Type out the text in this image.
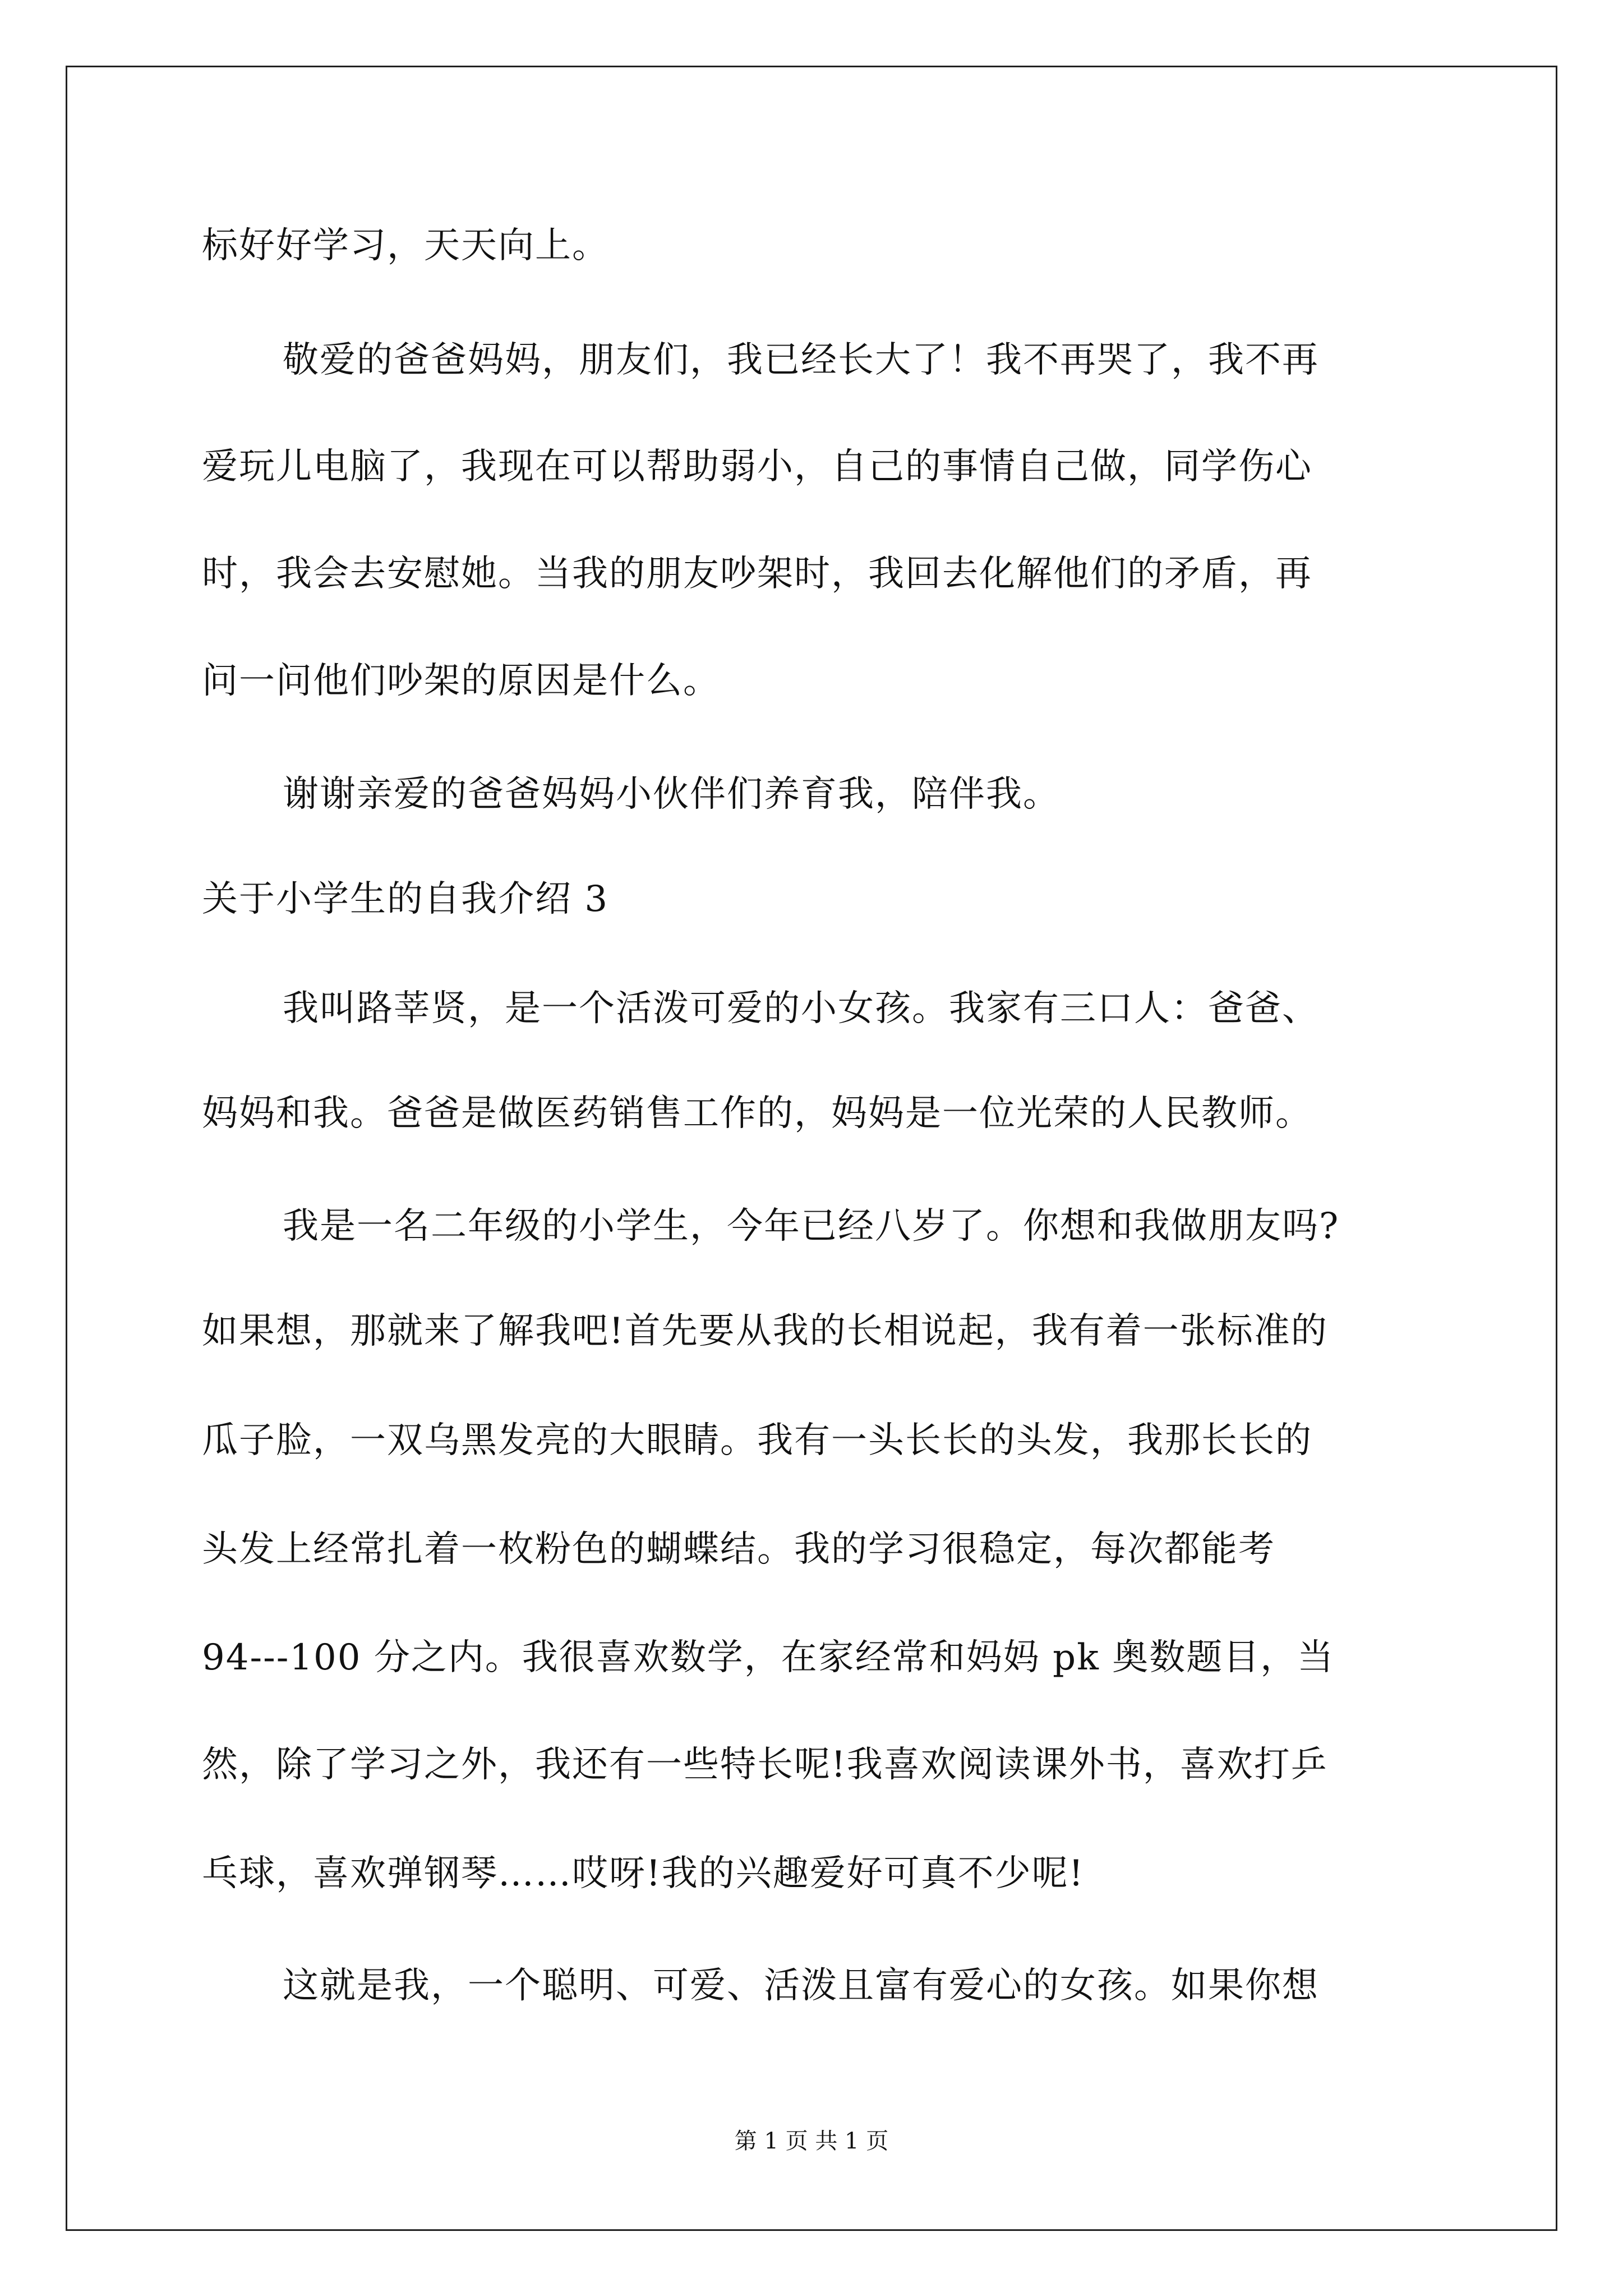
标好好学习，天天向上。
敬爱的爸爸妈妈，朋友们，我已经长大了！我不再哭了，我不再
爱玩儿电脑了，我现在可以帮助弱小，自己的事情自己做，同学伤心
时，我会去安慰她。当我的朋友吵架时，我回去化解他们的矛盾，再
问一问他们吵架的原因是什么。
谢谢亲爱的爸爸妈妈小伙伴们养育我，陪伴我。
关于小学生的自我介绍 3
我叫路莘贤，是一个活泼可爱的小女孩。我家有三口人：爸爸、
妈妈和我。爸爸是做医药销售工作的，妈妈是一位光荣的人民教师。
我是一名二年级的小学生，今年已经八岁了。你想和我做朋友吗?
如果想，那就来了解我吧!首先要从我的长相说起，我有着一张标准的
瓜子脸，一双乌黑发亮的大眼睛。我有一头长长的头发，我那长长的
头发上经常扎着一枚粉色的蝴蝶结。我的学习很稳定，每次都能考
94---100 分之内。我很喜欢数学，在家经常和妈妈 pk 奥数题目，当
然，除了学习之外，我还有一些特长呢!我喜欢阅读课外书，喜欢打乒
乓球，喜欢弹钢琴……哎呀!我的兴趣爱好可真不少呢!
这就是我，一个聪明、可爱、活泼且富有爱心的女孩。如果你想
第 1 页 共 1 页
